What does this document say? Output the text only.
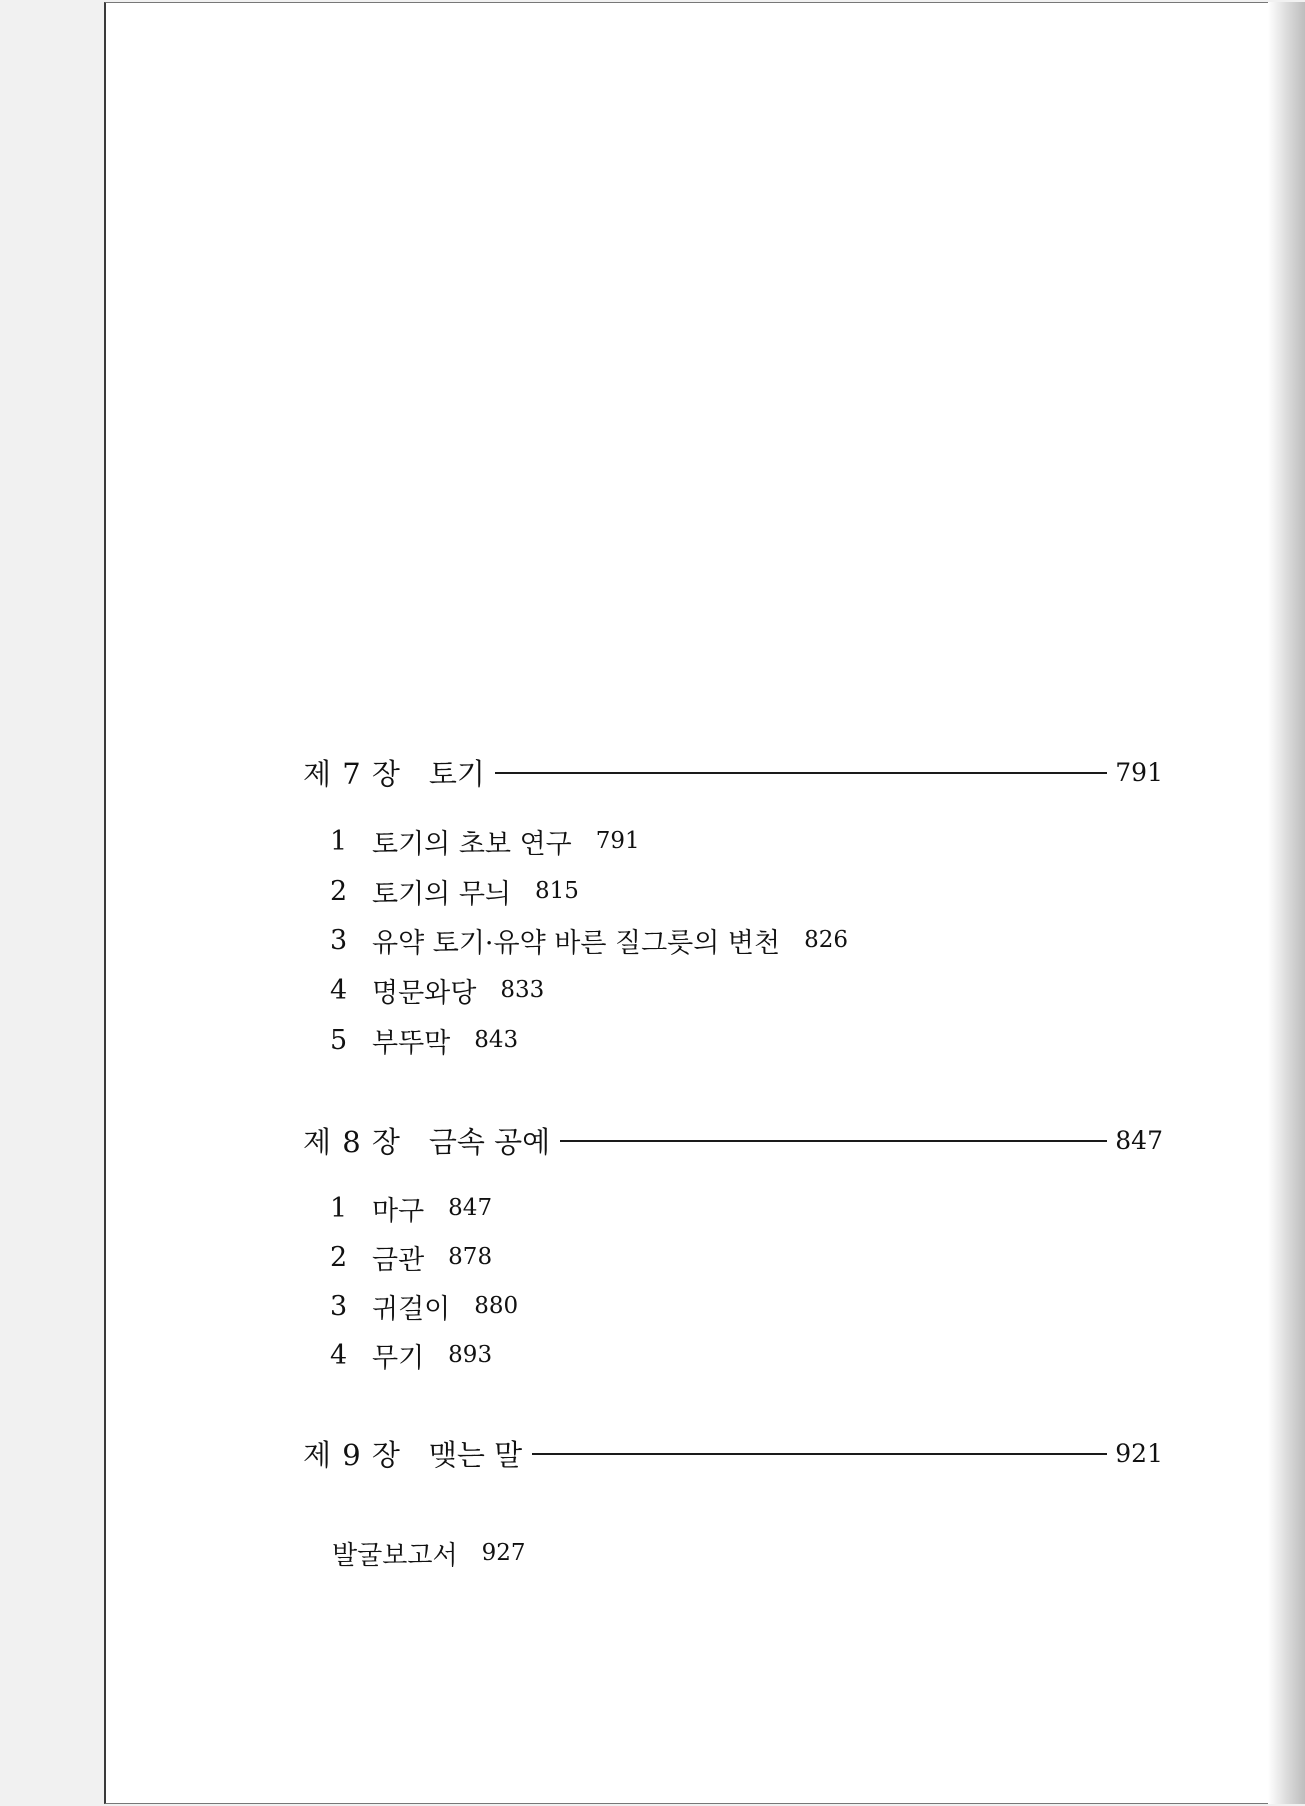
제 7 장 토기	791
1 토기의 초보 연구 791
2 토기의 무늬 815
3 유약 토기·유약 바른 질그릇의 변천 826
4 명문와당 833
5 부뚜막 843
제 8 장 금속 공예	847
1 마구 847
2 금관 878
3 귀걸이 880
4 무기 893
제 9 장 맺는 말	921
발굴보고서 927
